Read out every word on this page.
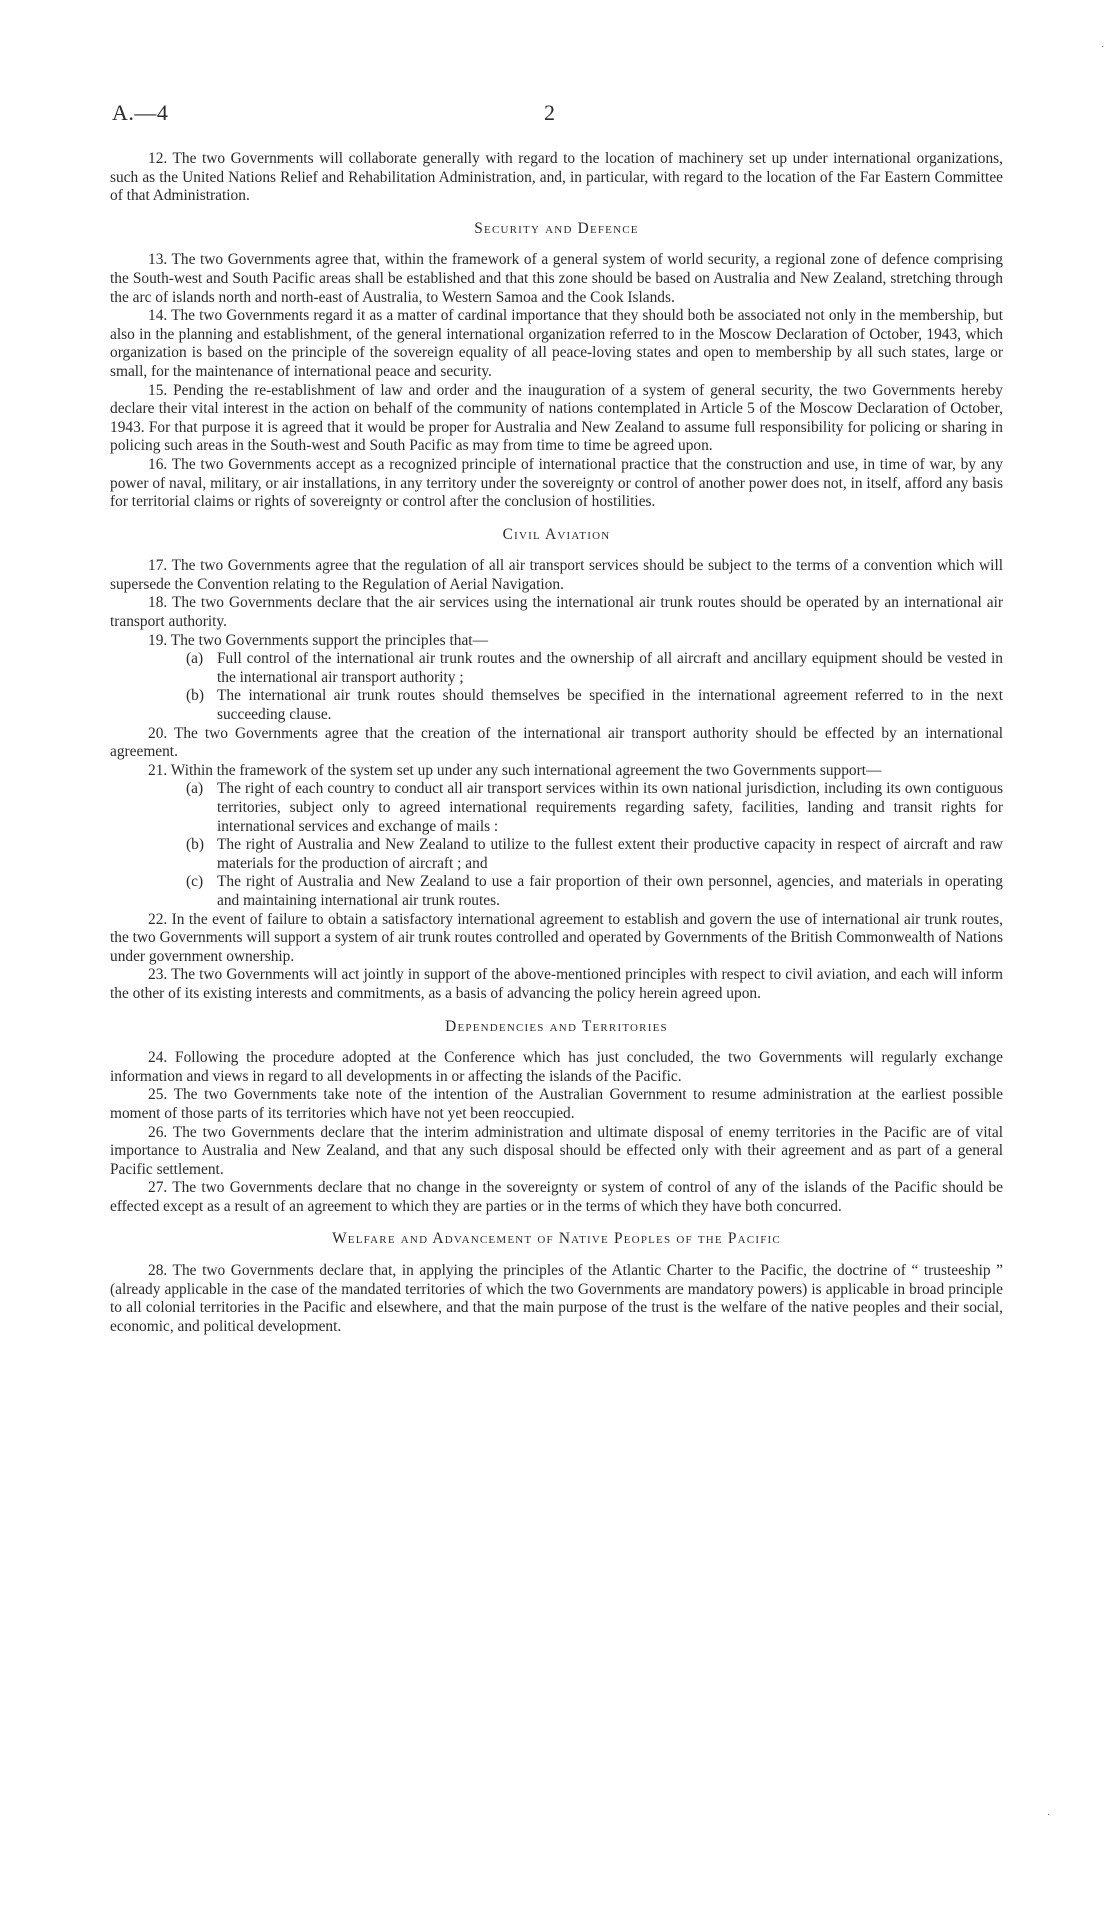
A.—4	2

12. The two Governments will collaborate generally with regard to the location of machinery set up under international organizations, such as the United Nations Relief and Rehabilitation Administration, and, in particular, with regard to the location of the Far Eastern Committee of that Administration.

Security and Defence

13. The two Governments agree that, within the framework of a general system of world security, a regional zone of defence comprising the South-west and South Pacific areas shall be established and that this zone should be based on Australia and New Zealand, stretching through the arc of islands north and north-east of Australia, to Western Samoa and the Cook Islands.

14. The two Governments regard it as a matter of cardinal importance that they should both be associated not only in the membership, but also in the planning and establishment, of the general international organization referred to in the Moscow Declaration of October, 1943, which organization is based on the principle of the sovereign equality of all peace-loving states and open to membership by all such states, large or small, for the maintenance of international peace and security.

15. Pending the re-establishment of law and order and the inauguration of a system of general security, the two Governments hereby declare their vital interest in the action on behalf of the community of nations contemplated in Article 5 of the Moscow Declaration of October, 1943. For that purpose it is agreed that it would be proper for Australia and New Zealand to assume full responsibility for policing or sharing in policing such areas in the South-west and South Pacific as may from time to time be agreed upon.

16. The two Governments accept as a recognized principle of international practice that the construction and use, in time of war, by any power of naval, military, or air installations, in any territory under the sovereignty or control of another power does not, in itself, afford any basis for territorial claims or rights of sovereignty or control after the conclusion of hostilities.

Civil Aviation

17. The two Governments agree that the regulation of all air transport services should be subject to the terms of a convention which will supersede the Convention relating to the Regulation of Aerial Navigation.

18. The two Governments declare that the air services using the international air trunk routes should be operated by an international air transport authority.

19. The two Governments support the principles that—

(a) Full control of the international air trunk routes and the ownership of all aircraft and ancillary equipment should be vested in the international air transport authority ;
(b) The international air trunk routes should themselves be specified in the international agreement referred to in the next succeeding clause.

20. The two Governments agree that the creation of the international air transport authority should be effected by an international agreement.

21. Within the framework of the system set up under any such international agreement the two Governments support—

(a) The right of each country to conduct all air transport services within its own national jurisdiction, including its own contiguous territories, subject only to agreed international requirements regarding safety, facilities, landing and transit rights for international services and exchange of mails :
(b) The right of Australia and New Zealand to utilize to the fullest extent their productive capacity in respect of aircraft and raw materials for the production of aircraft ; and
(c) The right of Australia and New Zealand to use a fair proportion of their own personnel, agencies, and materials in operating and maintaining international air trunk routes.

22. In the event of failure to obtain a satisfactory international agreement to establish and govern the use of international air trunk routes, the two Governments will support a system of air trunk routes controlled and operated by Governments of the British Commonwealth of Nations under government ownership.

23. The two Governments will act jointly in support of the above-mentioned principles with respect to civil aviation, and each will inform the other of its existing interests and commitments, as a basis of advancing the policy herein agreed upon.

Dependencies and Territories

24. Following the procedure adopted at the Conference which has just concluded, the two Governments will regularly exchange information and views in regard to all developments in or affecting the islands of the Pacific.

25. The two Governments take note of the intention of the Australian Government to resume administration at the earliest possible moment of those parts of its territories which have not yet been reoccupied.

26. The two Governments declare that the interim administration and ultimate disposal of enemy territories in the Pacific are of vital importance to Australia and New Zealand, and that any such disposal should be effected only with their agreement and as part of a general Pacific settlement.

27. The two Governments declare that no change in the sovereignty or system of control of any of the islands of the Pacific should be effected except as a result of an agreement to which they are parties or in the terms of which they have both concurred.

Welfare and Advancement of Native Peoples of the Pacific

28. The two Governments declare that, in applying the principles of the Atlantic Charter to the Pacific, the doctrine of “ trusteeship ” (already applicable in the case of the mandated territories of which the two Governments are mandatory powers) is applicable in broad principle to all colonial territories in the Pacific and elsewhere, and that the main purpose of the trust is the welfare of the native peoples and their social, economic, and political development.

·
·
